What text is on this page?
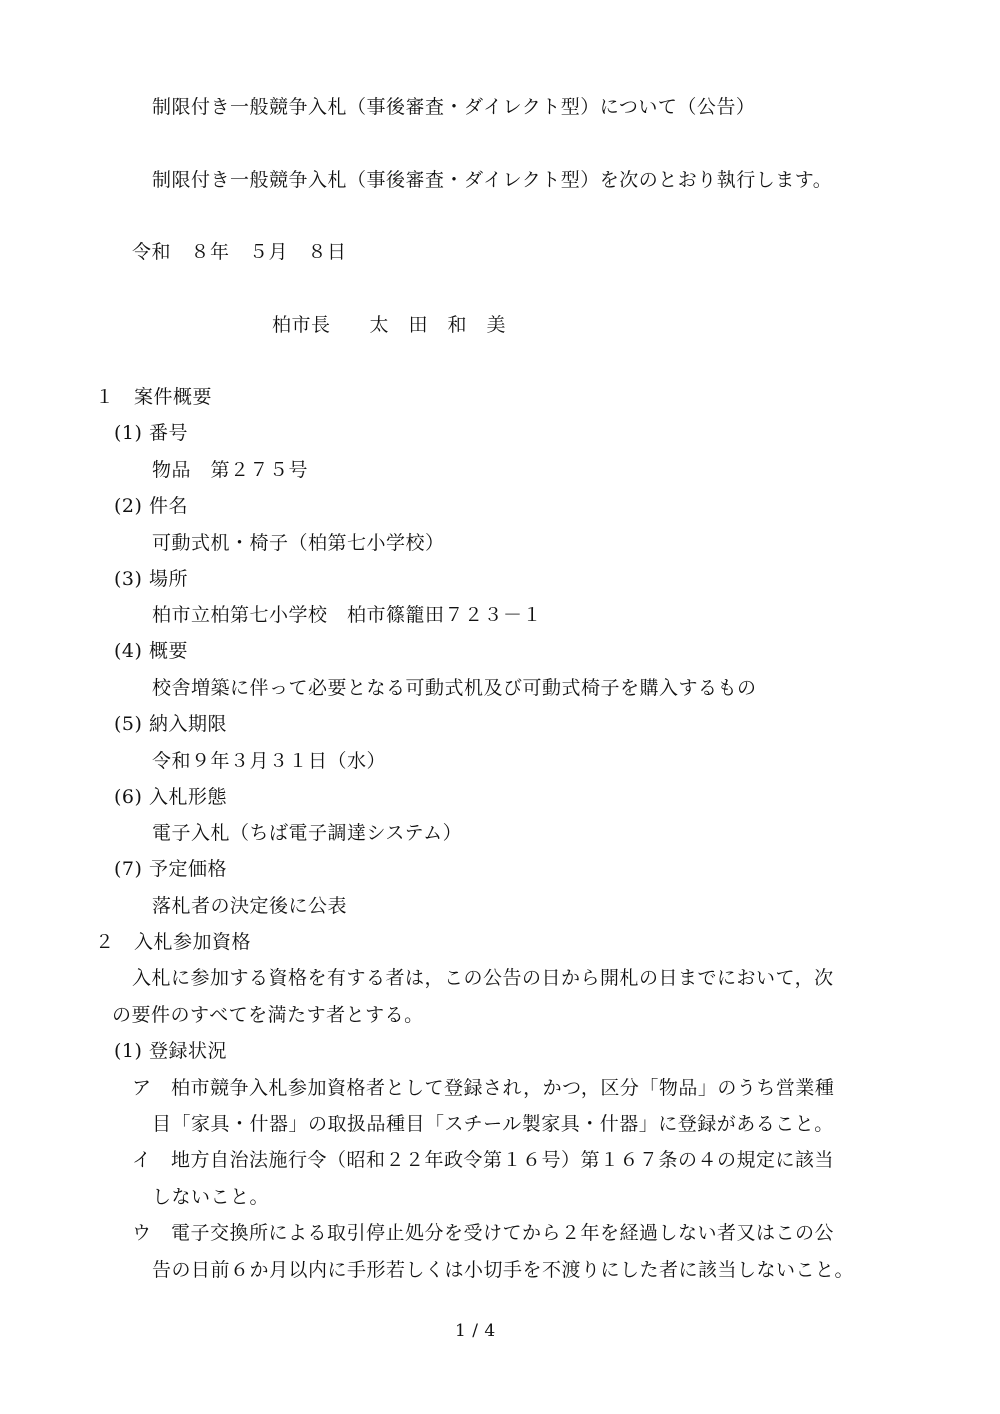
制限付き一般競争入札（事後審査・ダイレクト型）について（公告）
制限付き一般競争入札（事後審査・ダイレクト型）を次のとおり執行します。
令和　８年　５月　８日
柏市長　　太　田　和　美
１　案件概要
(1) 番号
物品　第２７５号
(2) 件名
可動式机・椅子（柏第七小学校）
(3) 場所
柏市立柏第七小学校　柏市篠籠田７２３－１
(4) 概要
校舎増築に伴って必要となる可動式机及び可動式椅子を購入するもの
(5) 納入期限
令和９年３月３１日（水）
(6) 入札形態
電子入札（ちば電子調達システム）
(7) 予定価格
落札者の決定後に公表
２　入札参加資格
入札に参加する資格を有する者は，この公告の日から開札の日までにおいて，次
の要件のすべてを満たす者とする。
(1) 登録状況
ア　柏市競争入札参加資格者として登録され，かつ，区分「物品」のうち営業種
目「家具・什器」の取扱品種目「スチール製家具・什器」に登録があること。
イ　地方自治法施行令（昭和２２年政令第１６号）第１６７条の４の規定に該当
しないこと。
ウ　電子交換所による取引停止処分を受けてから２年を経過しない者又はこの公
告の日前６か月以内に手形若しくは小切手を不渡りにした者に該当しないこと。
1 / 4
